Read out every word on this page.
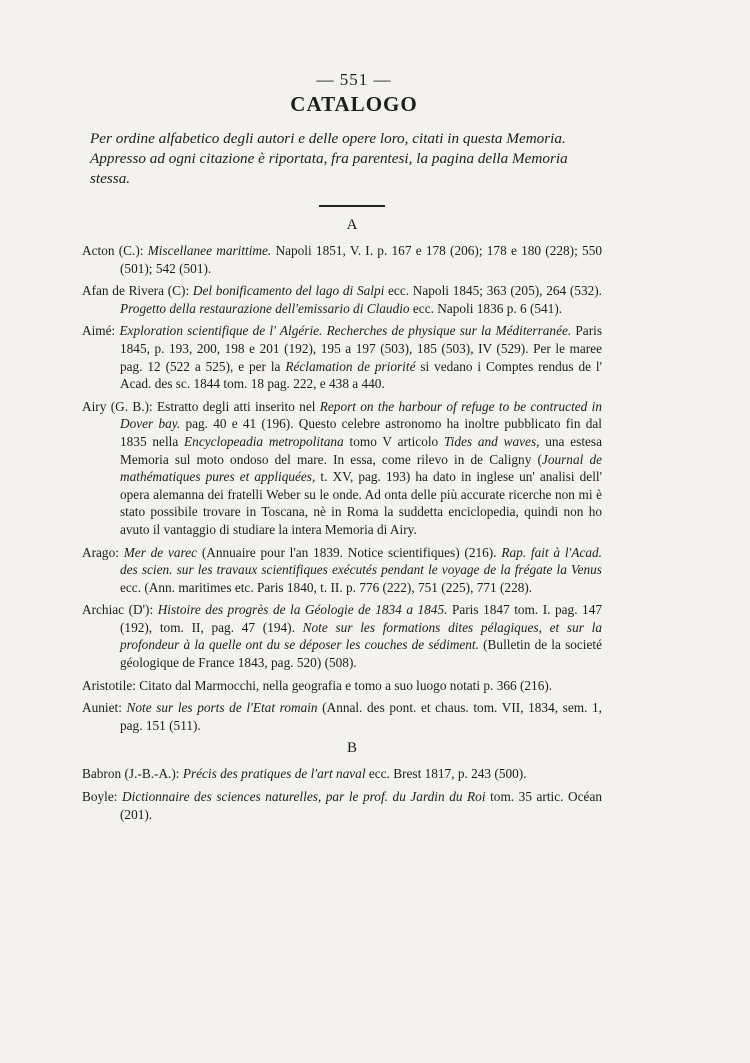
— 551 —
CATALOGO
Per ordine alfabetico degli autori e delle opere loro, citati in questa Memoria. Appresso ad ogni citazione è riportata, fra parentesi, la pagina della Memoria stessa.
A
Acton (C.): Miscellanee marittime. Napoli 1851, V. I. p. 167 e 178 (206); 178 e 180 (228); 550 (501); 542 (501).
Afan de Rivera (C): Del bonificamento del lago di Salpi ecc. Napoli 1845; 363 (205), 264 (532). Progetto della restaurazione dell'emissario di Claudio ecc. Napoli 1836 p. 6 (541).
Aimé: Exploration scientifique de l' Algérie. Recherches de physique sur la Méditerranée. Paris 1845, p. 193, 200, 198 e 201 (192), 195 a 197 (503), 185 (503), IV (529). Per le maree pag. 12 (522 a 525), e per la Réclamation de priorité si vedano i Comptes rendus de l' Acad. des sc. 1844 tom. 18 pag. 222, e 438 a 440.
Airy (G. B.): Estratto degli atti inserito nel Report on the harbour of refuge to be contructed in Dover bay. pag. 40 e 41 (196). Questo celebre astronomo ha inoltre pubblicato fin dal 1835 nella Encyclopeadia metropolitana tomo V articolo Tides and waves, una estesa Memoria sul moto ondoso del mare. In essa, come rilevo in de Caligny (Journal de mathématiques pures et appliquées, t. XV, pag. 193) ha dato in inglese un' analisi dell' opera alemanna dei fratelli Weber su le onde. Ad onta delle più accurate ricerche non mi è stato possibile trovare in Toscana, nè in Roma la suddetta enciclopedia, quindi non ho avuto il vantaggio di studiare la intera Memoria di Airy.
Arago: Mer de varec (Annuaire pour l'an 1839. Notice scientifiques) (216). Rap. fait à l'Acad. des scien. sur les travaux scientifiques exécutés pendant le voyage de la frégate la Venus ecc. (Ann. maritimes etc. Paris 1840, t. II. p. 776 (222), 751 (225), 771 (228).
Archiac (D'): Histoire des progrès de la Géologie de 1834 a 1845. Paris 1847 tom. I. pag. 147 (192), tom. II, pag. 47 (194). Note sur les formations dites pélagiques, et sur la profondeur à la quelle ont du se déposer les couches de sédiment. (Bulletin de la societé géologique de France 1843, pag. 520) (508).
Aristotile: Citato dal Marmocchi, nella geografia e tomo a suo luogo notati p. 366 (216).
Auniet: Note sur les ports de l'Etat romain (Annal. des pont. et chaus. tom. VII, 1834, sem. 1, pag. 151 (511).
B
Babron (J.-B.-A.): Précis des pratiques de l'art naval ecc. Brest 1817, p. 243 (500).
Boyle: Dictionnaire des sciences naturelles, par le prof. du Jardin du Roi tom. 35 artic. Océan (201).
